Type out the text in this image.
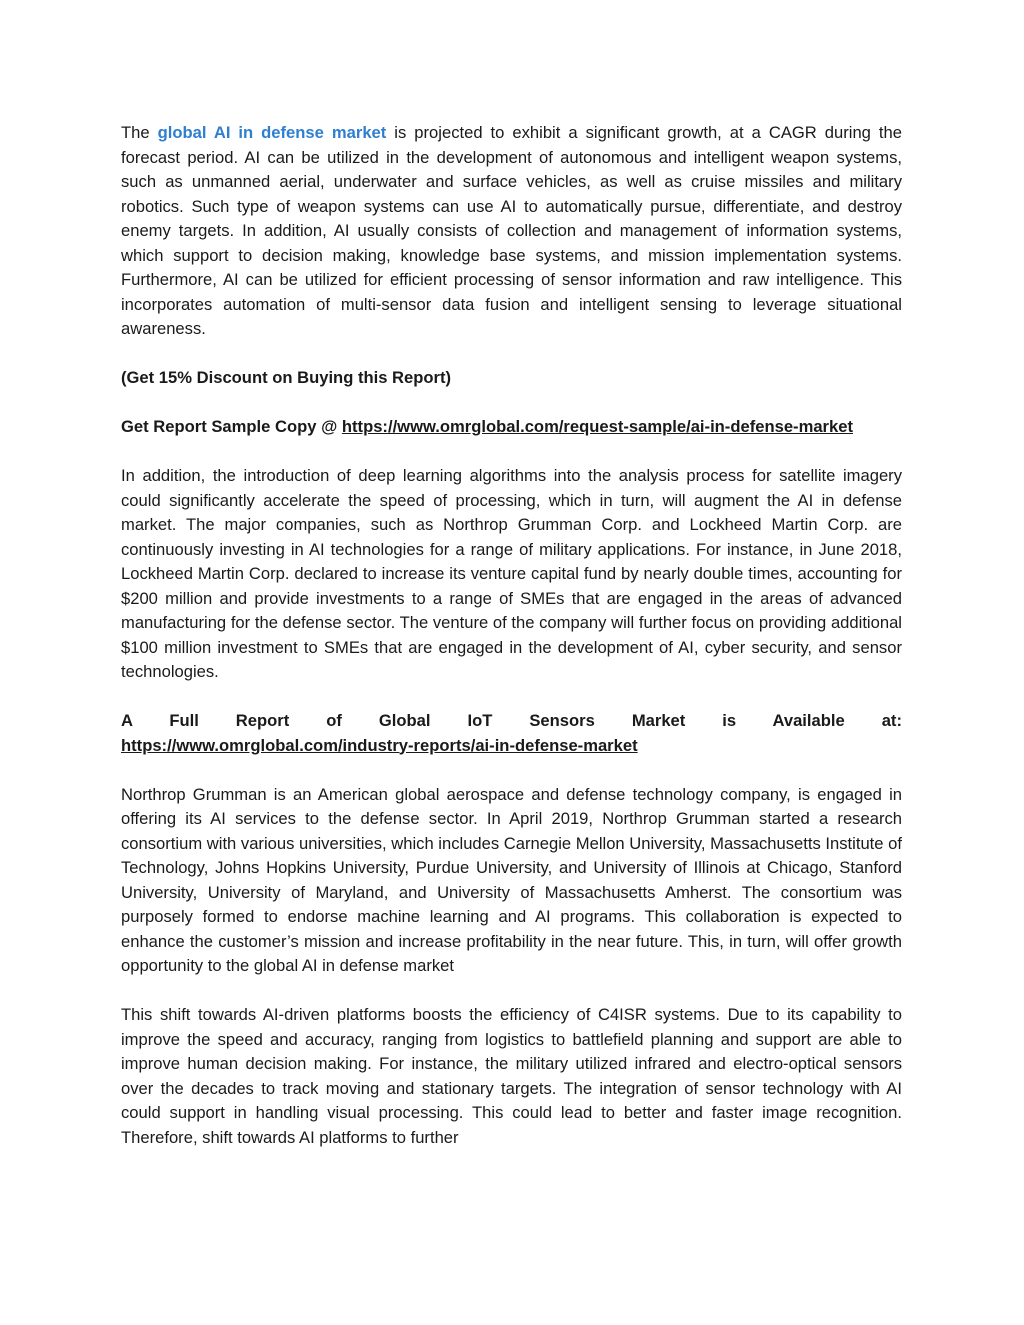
The global AI in defense market is projected to exhibit a significant growth, at a CAGR during the forecast period. AI can be utilized in the development of autonomous and intelligent weapon systems, such as unmanned aerial, underwater and surface vehicles, as well as cruise missiles and military robotics. Such type of weapon systems can use AI to automatically pursue, differentiate, and destroy enemy targets. In addition, AI usually consists of collection and management of information systems, which support to decision making, knowledge base systems, and mission implementation systems. Furthermore, AI can be utilized for efficient processing of sensor information and raw intelligence. This incorporates automation of multi-sensor data fusion and intelligent sensing to leverage situational awareness.

(Get 15% Discount on Buying this Report)

Get Report Sample Copy @ https://www.omrglobal.com/request-sample/ai-in-defense-market

In addition, the introduction of deep learning algorithms into the analysis process for satellite imagery could significantly accelerate the speed of processing, which in turn, will augment the AI in defense market. The major companies, such as Northrop Grumman Corp. and Lockheed Martin Corp. are continuously investing in AI technologies for a range of military applications. For instance, in June 2018, Lockheed Martin Corp. declared to increase its venture capital fund by nearly double times, accounting for $200 million and provide investments to a range of SMEs that are engaged in the areas of advanced manufacturing for the defense sector. The venture of the company will further focus on providing additional $100 million investment to SMEs that are engaged in the development of AI, cyber security, and sensor technologies.

A Full Report of Global IoT Sensors Market is Available at:
https://www.omrglobal.com/industry-reports/ai-in-defense-market

Northrop Grumman is an American global aerospace and defense technology company, is engaged in offering its AI services to the defense sector. In April 2019, Northrop Grumman started a research consortium with various universities, which includes Carnegie Mellon University, Massachusetts Institute of Technology, Johns Hopkins University, Purdue University, and University of Illinois at Chicago, Stanford University, University of Maryland, and University of Massachusetts Amherst. The consortium was purposely formed to endorse machine learning and AI programs. This collaboration is expected to enhance the customer’s mission and increase profitability in the near future. This, in turn, will offer growth opportunity to the global AI in defense market

This shift towards AI-driven platforms boosts the efficiency of C4ISR systems. Due to its capability to improve the speed and accuracy, ranging from logistics to battlefield planning and support are able to improve human decision making. For instance, the military utilized infrared and electro-optical sensors over the decades to track moving and stationary targets. The integration of sensor technology with AI could support in handling visual processing. This could lead to better and faster image recognition. Therefore, shift towards AI platforms to further
